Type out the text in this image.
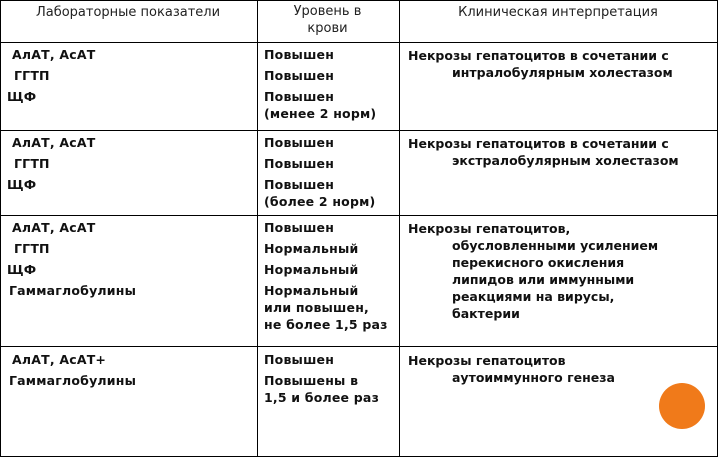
Лабораторные показатели	Уровень в
крови
Клиническая интерпретация
АлАТ, АсАТ
ГГТП
ЩФ
Повышен
Повышен
Повышен
(менее 2 норм)
Некрозы гепатоцитов в сочетании с
интралобулярным холестазом
АлАТ, АсАТ
ГГТП
ЩФ
Повышен
Повышен
Повышен
(более 2 норм)
Некрозы гепатоцитов в сочетании с
экстралобулярным холестазом
АлАТ, АсАТ
ГГТП
ЩФ
Гаммаглобулины
Повышен
Нормальный
Нормальный
Нормальный
или повышен,
не более 1,5 раз
Некрозы гепатоцитов,
обусловленными усилением
перекисного окисления
липидов или иммунными
реакциями на вирусы,
бактерии
АлАТ, АсАТ+
Гаммаглобулины
Повышен
Повышены в
1,5 и более раз
Некрозы гепатоцитов
аутоиммунного генеза
